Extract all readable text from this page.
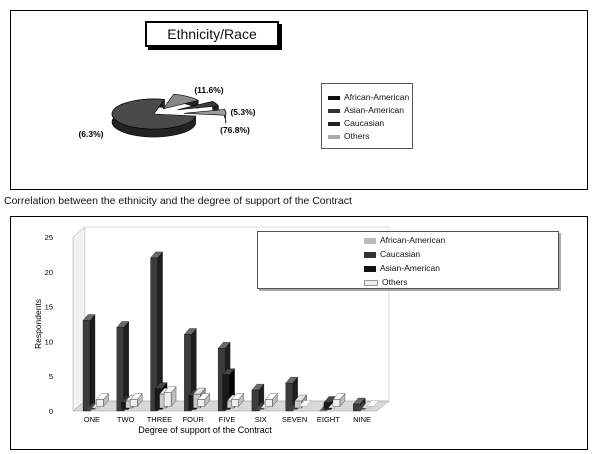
Ethnicity/Race
(11.6%)
(5.3%)
(6.3%)	(76.8%)
African-American
Asian-American
Caucasian
Others
Correlation between the ethnicity and the degree of support of the Contract
0
5
10
15
20
25
Respondents
ONE TWO THREE FOUR FIVE	SIX SEVEN EIGHT NINE
Degree of support of the Contract
African-American
Caucasian
Asian-American
Others
